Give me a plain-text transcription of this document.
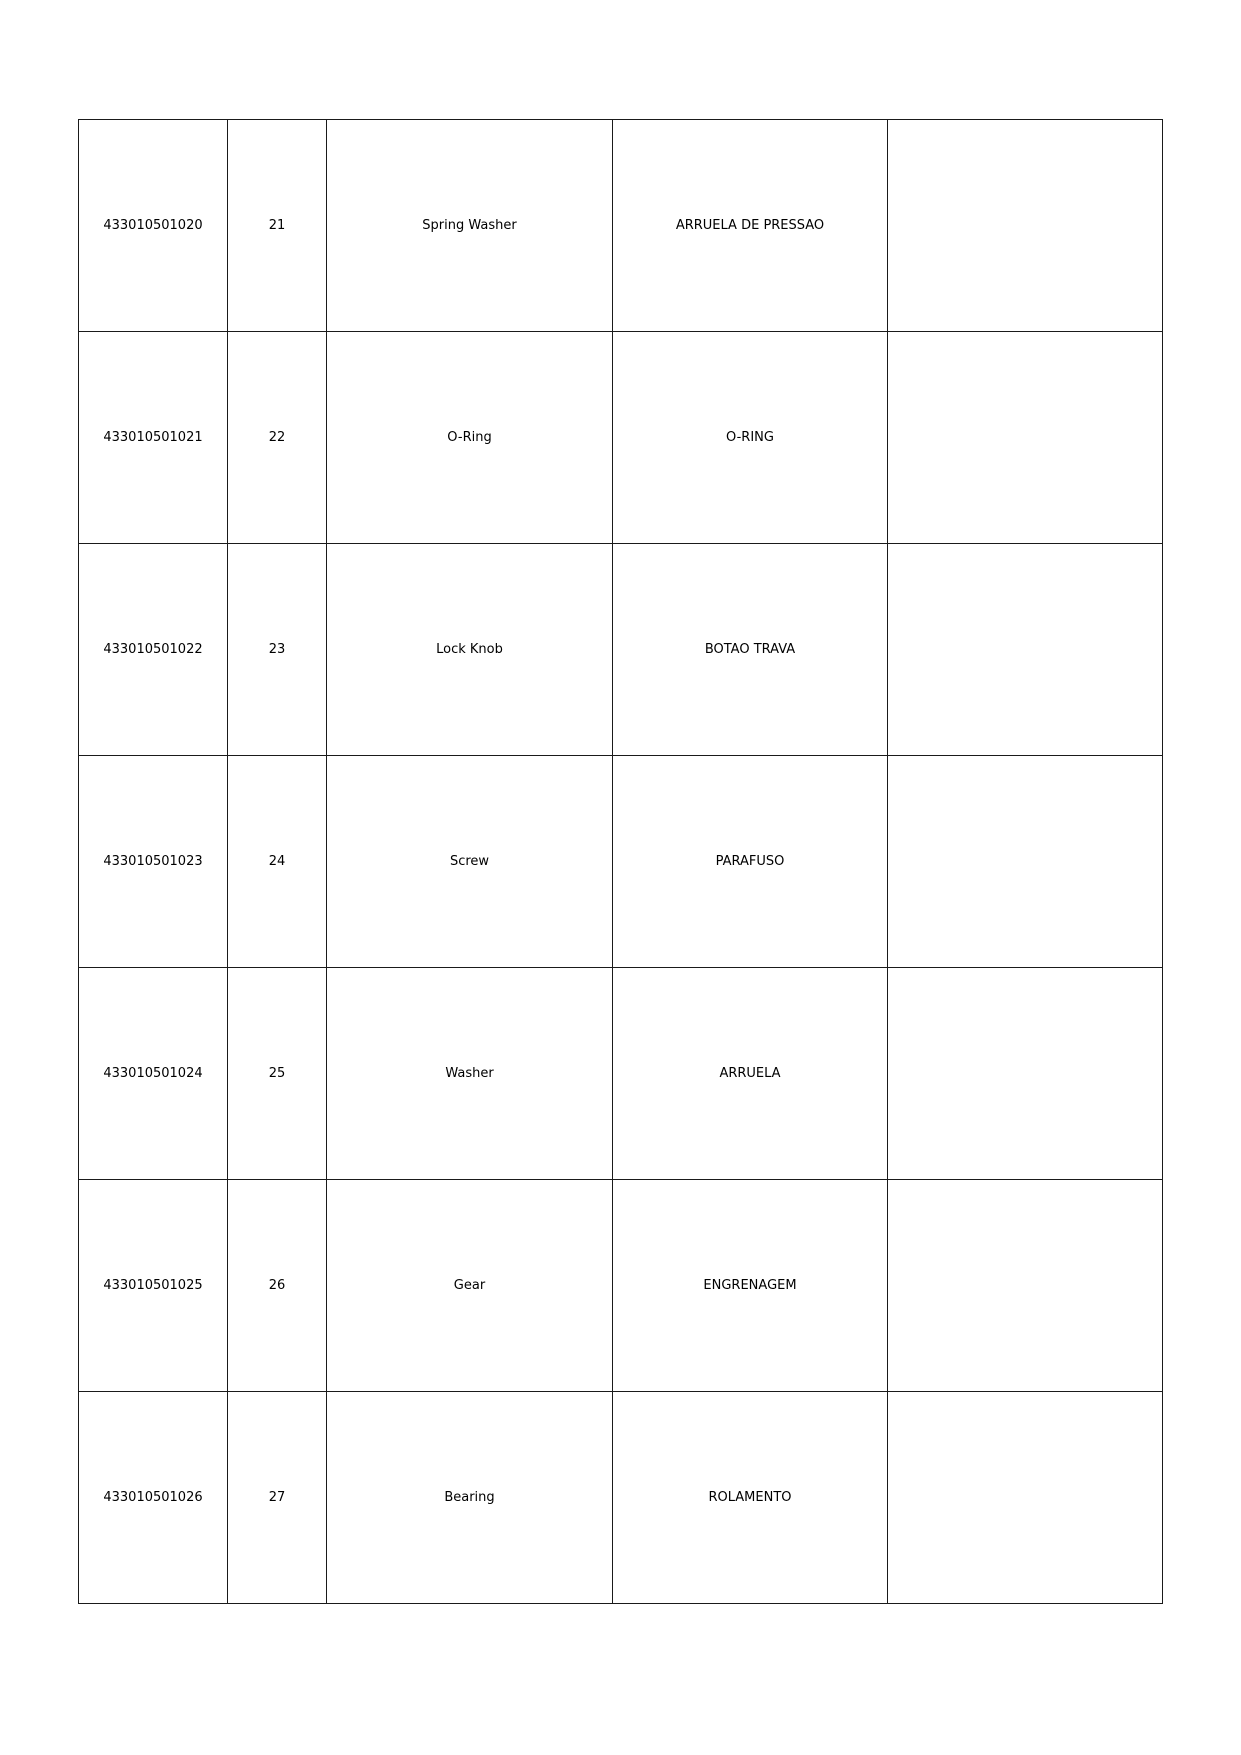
433010501020	21	Spring Washer	ARRUELA DE PRESSAO	
433010501021	22	O-Ring	O-RING	
433010501022	23	Lock Knob	BOTAO TRAVA	
433010501023	24	Screw	PARAFUSO	
433010501024	25	Washer	ARRUELA	
433010501025	26	Gear	ENGRENAGEM	
433010501026	27	Bearing	ROLAMENTO	
